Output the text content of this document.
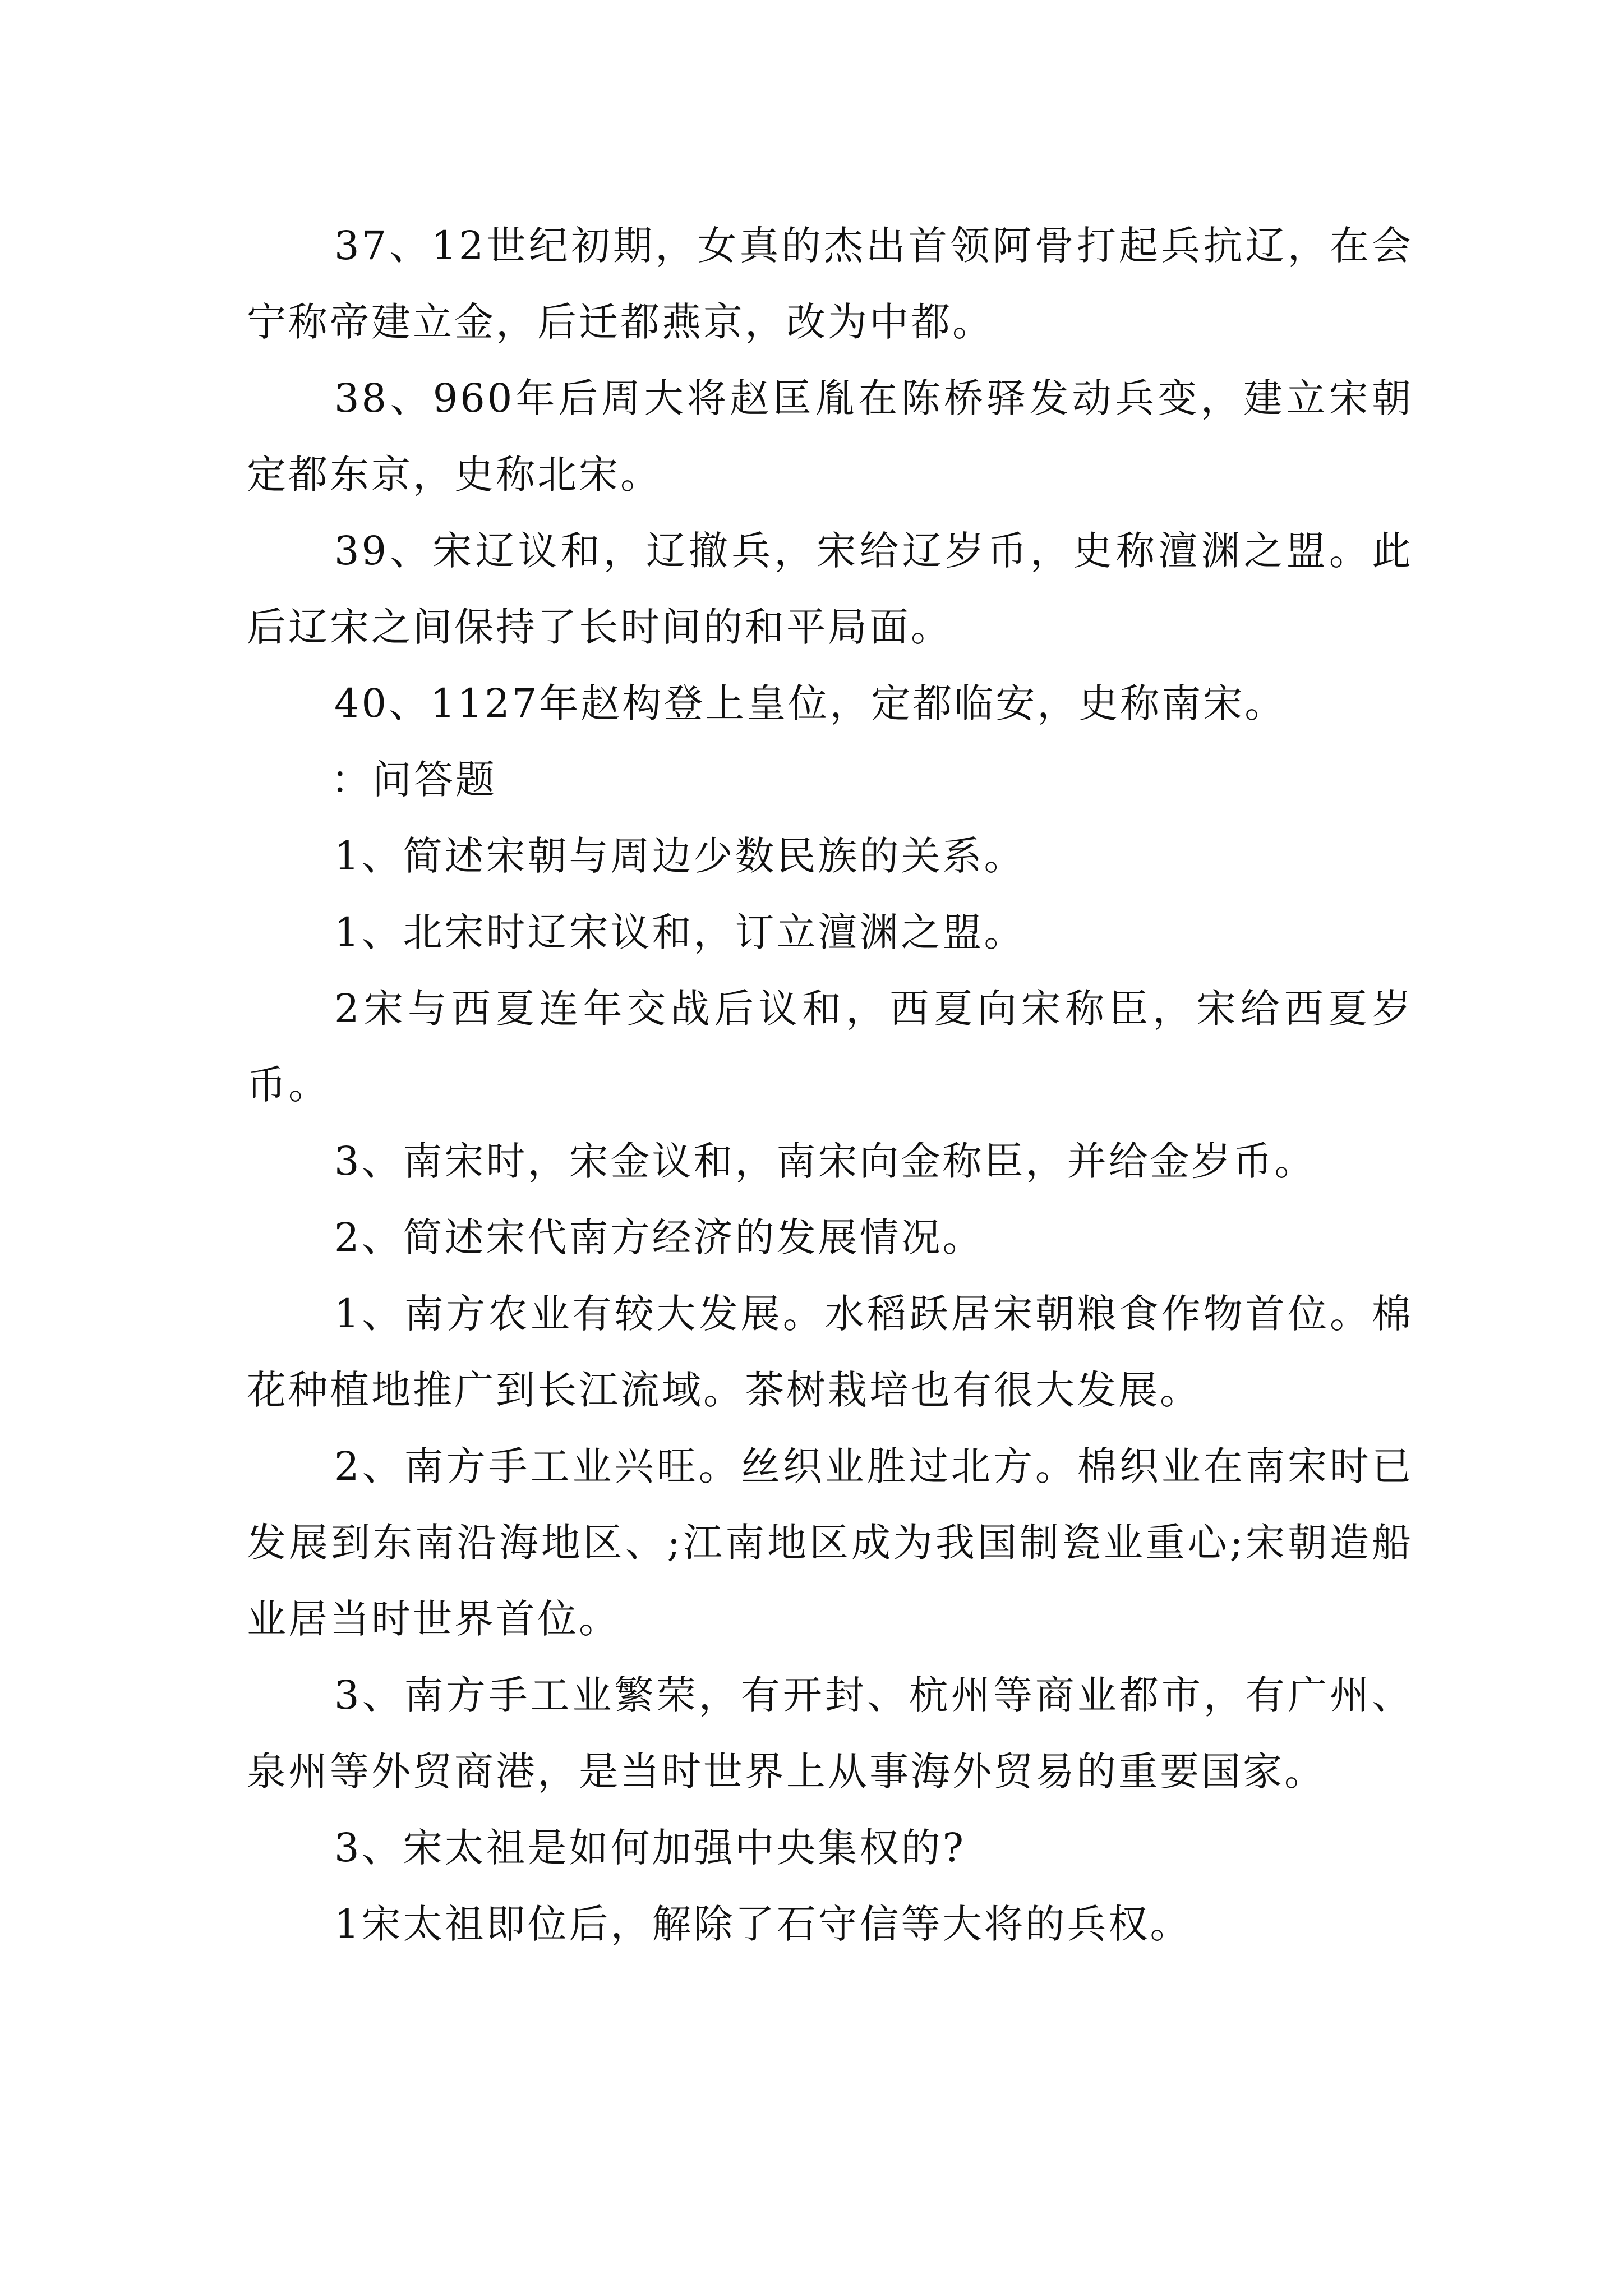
37、12世纪初期，女真的杰出首领阿骨打起兵抗辽，在会宁称帝建立金，后迁都燕京，改为中都。

38、960年后周大将赵匡胤在陈桥驿发动兵变，建立宋朝定都东京，史称北宋。

39、宋辽议和，辽撤兵，宋给辽岁币，史称澶渊之盟。此后辽宋之间保持了长时间的和平局面。

40、1127年赵构登上皇位，定都临安，史称南宋。

：问答题

1、简述宋朝与周边少数民族的关系。

1、北宋时辽宋议和，订立澶渊之盟。

2宋与西夏连年交战后议和，西夏向宋称臣，宋给西夏岁币。

3、南宋时，宋金议和，南宋向金称臣，并给金岁币。

2、简述宋代南方经济的发展情况。

1、南方农业有较大发展。水稻跃居宋朝粮食作物首位。棉花种植地推广到长江流域。茶树栽培也有很大发展。

2、南方手工业兴旺。丝织业胜过北方。棉织业在南宋时已发展到东南沿海地区、;江南地区成为我国制瓷业重心;宋朝造船业居当时世界首位。

3、南方手工业繁荣，有开封、杭州等商业都市，有广州、泉州等外贸商港，是当时世界上从事海外贸易的重要国家。

3、宋太祖是如何加强中央集权的?

1宋太祖即位后，解除了石守信等大将的兵权。
